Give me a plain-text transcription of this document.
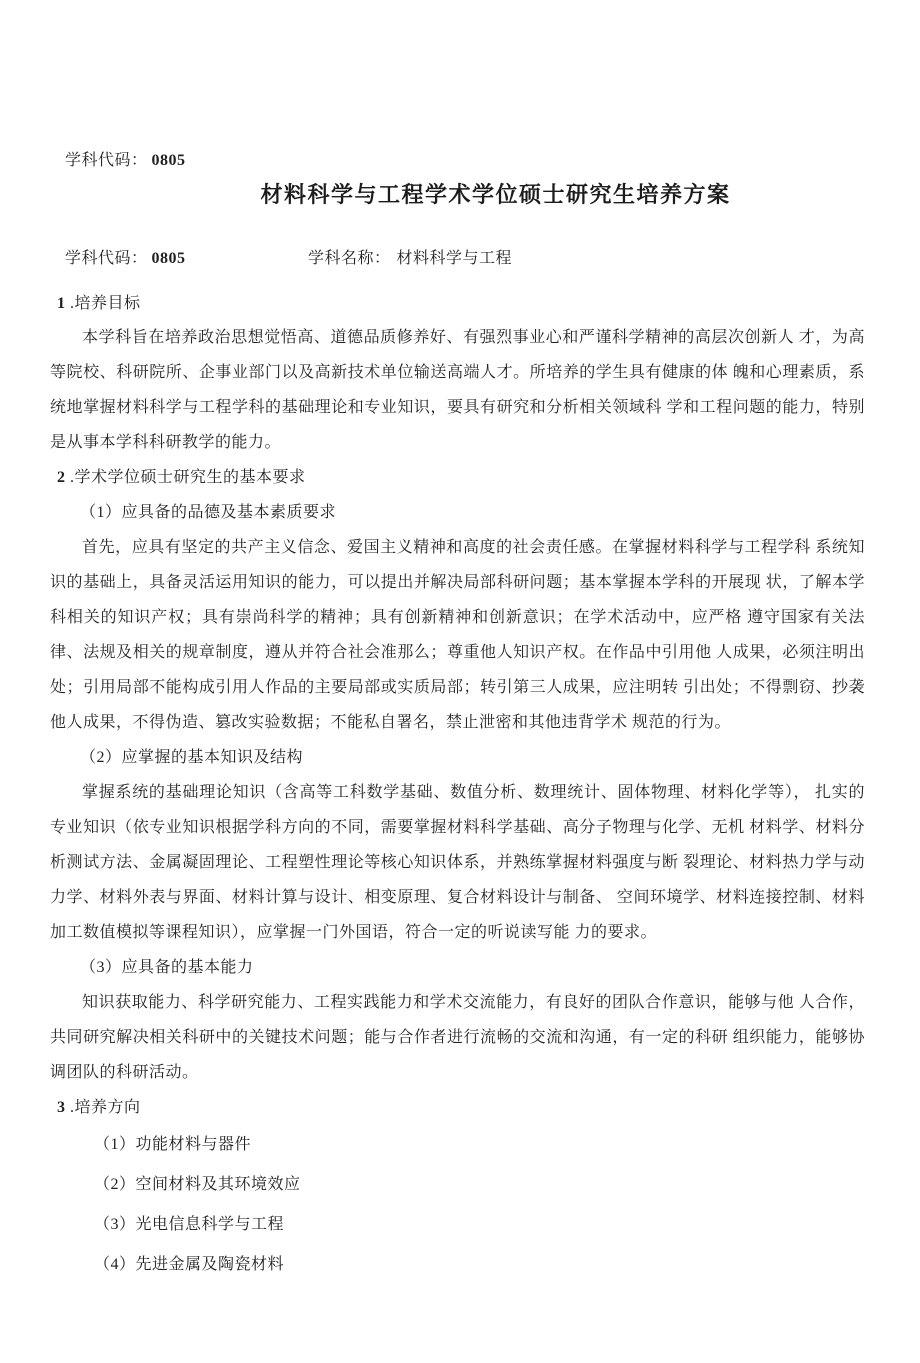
学科代码： 0805
材料科学与工程学术学位硕士研究生培养方案
学科代码： 0805	学科名称： 材料科学与工程
1 .培养目标

本学科旨在培养政治思想觉悟高、道德品质修养好、有强烈事业心和严谨科学精神的高层次创新人 才，为高等院校、科研院所、企事业部门以及高新技术单位输送高端人才。所培养的学生具有健康的体 魄和心理素质，系统地掌握材料科学与工程学科的基础理论和专业知识，要具有研究和分析相关领域科 学和工程问题的能力，特别是从事本学科科研教学的能力。

2 .学术学位硕士研究生的基本要求
（1）应具备的品德及基本素质要求

首先，应具有坚定的共产主义信念、爱国主义精神和高度的社会责任感。在掌握材料科学与工程学科 系统知识的基础上，具备灵活运用知识的能力，可以提出并解决局部科研问题；基本掌握本学科的开展现 状，了解本学科相关的知识产权；具有崇尚科学的精神；具有创新精神和创新意识；在学术活动中，应严格 遵守国家有关法律、法规及相关的规章制度，遵从并符合社会准那么；尊重他人知识产权。在作品中引用他 人成果，必须注明出处；引用局部不能构成引用人作品的主要局部或实质局部；转引第三人成果，应注明转 引出处；不得剽窃、抄袭他人成果，不得伪造、篡改实验数据；不能私自署名，禁止泄密和其他违背学术 规范的行为。

（2）应掌握的基本知识及结构

掌握系统的基础理论知识（含高等工科数学基础、数值分析、数理统计、固体物理、材料化学等）， 扎实的专业知识（依专业知识根据学科方向的不同，需要掌握材料科学基础、高分子物理与化学、无机 材料学、材料分析测试方法、金属凝固理论、工程塑性理论等核心知识体系，并熟练掌握材料强度与断 裂理论、材料热力学与动力学、材料外表与界面、材料计算与设计、相变原理、复合材料设计与制备、 空间环境学、材料连接控制、材料加工数值模拟等课程知识），应掌握一门外国语，符合一定的听说读写能 力的要求。

（3）应具备的基本能力

知识获取能力、科学研究能力、工程实践能力和学术交流能力，有良好的团队合作意识，能够与他 人合作，共同研究解决相关科研中的关键技术问题；能与合作者进行流畅的交流和沟通，有一定的科研 组织能力，能够协调团队的科研活动。

3 .培养方向
（1）功能材料与器件
（2）空间材料及其环境效应
（3）光电信息科学与工程
（4）先进金属及陶瓷材料
